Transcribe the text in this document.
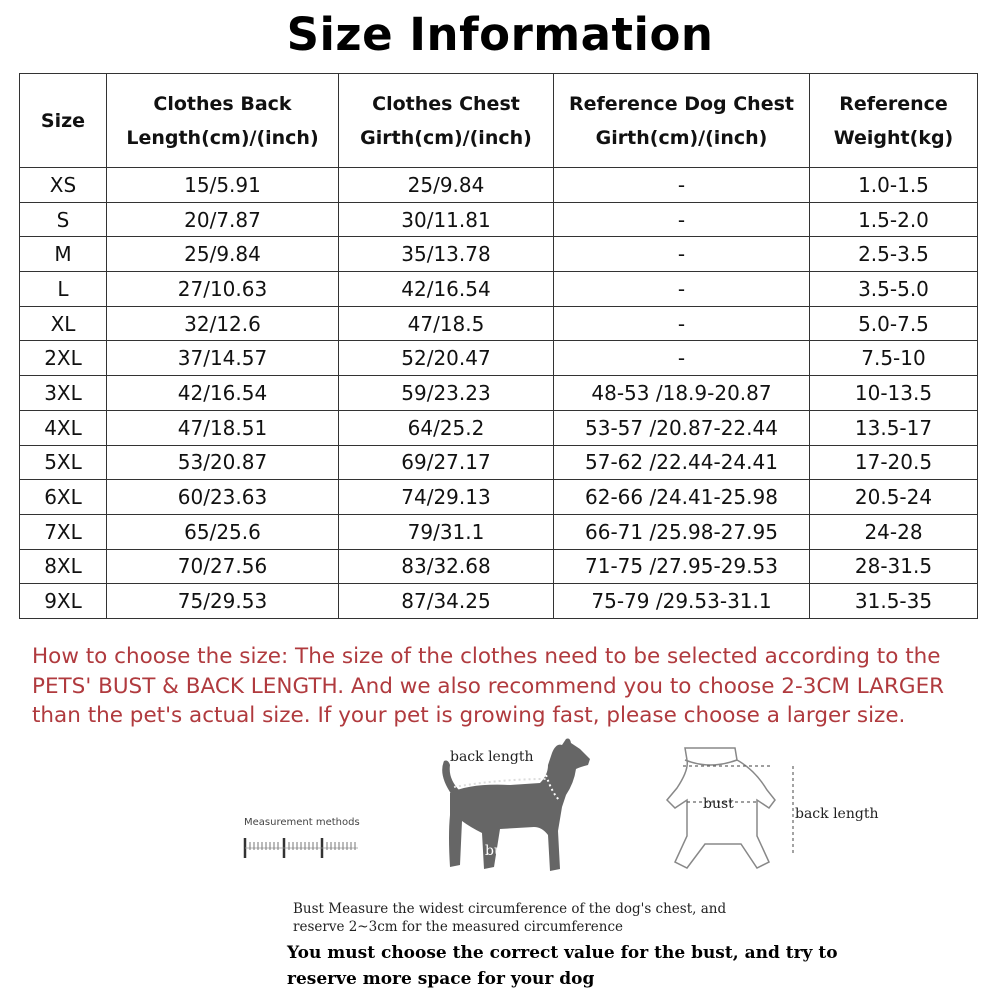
Size Information
Size	Clothes Back Length(cm)/(inch)	Clothes Chest Girth(cm)/(inch)	Reference Dog Chest Girth(cm)/(inch)	Reference Weight(kg)
XS	15/5.91	25/9.84	-	1.0-1.5
S	20/7.87	30/11.81	-	1.5-2.0
M	25/9.84	35/13.78	-	2.5-3.5
L	27/10.63	42/16.54	-	3.5-5.0
XL	32/12.6	47/18.5	-	5.0-7.5
2XL	37/14.57	52/20.47	-	7.5-10
3XL	42/16.54	59/23.23	48-53 /18.9-20.87	10-13.5
4XL	47/18.51	64/25.2	53-57 /20.87-22.44	13.5-17
5XL	53/20.87	69/27.17	57-62 /22.44-24.41	17-20.5
6XL	60/23.63	74/29.13	62-66 /24.41-25.98	20.5-24
7XL	65/25.6	79/31.1	66-71 /25.98-27.95	24-28
8XL	70/27.56	83/32.68	71-75 /27.95-29.53	28-31.5
9XL	75/29.53	87/34.25	75-79 /29.53-31.1	31.5-35
How to choose the size: The size of the clothes need to be selected according to the PETS' BUST & BACK LENGTH. And we also recommend you to choose 2-3CM LARGER than the pet's actual size. If your pet is growing fast, please choose a larger size.
back length
bust
bust
back length
Measurement methods
Bust Measure the widest circumference of the dog's chest, and reserve 2~3cm for the measured circumference
You must choose the correct value for the bust, and try to reserve more space for your dog
